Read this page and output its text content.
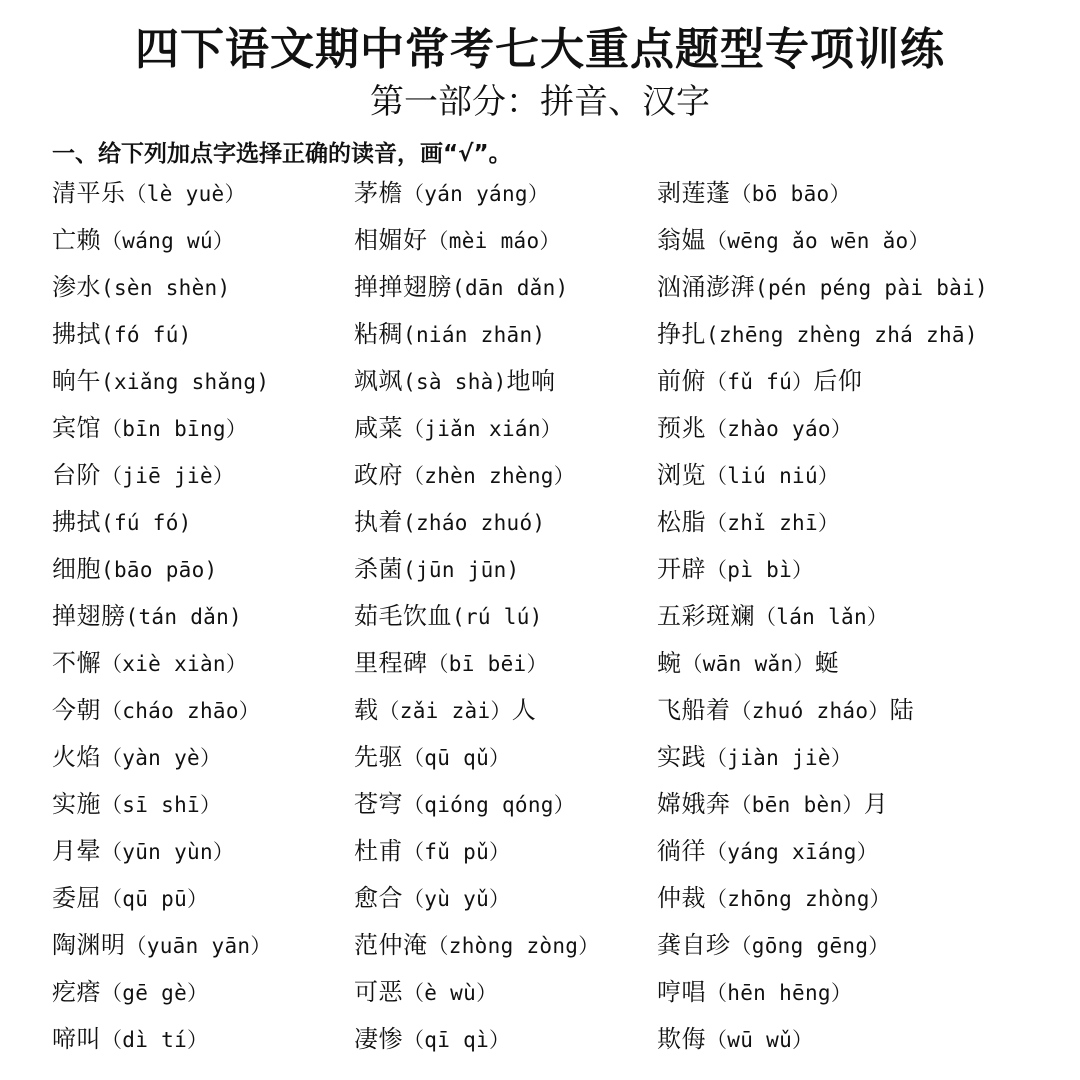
四下语文期中常考七大重点题型专项训练
第一部分：拼音、汉字
一、给下列加点字选择正确的读音，画“√”。
清平乐（lè yuè）	茅檐（yán yáng）	剥莲蓬（bō bāo）
亡赖（wáng wú）	相媚好（mèi máo）	翁媪（wēng ǎo wēn ǎo）
渗水(sèn shèn)	掸掸翅膀(dān dǎn)	汹涌澎湃(pén péng pài bài)
拂拭(fó fú)	粘稠(nián zhān)	挣扎(zhēng zhèng zhá zhā)
晌午(xiǎng shǎng)	飒飒(sà shà)地响	前俯（fǔ fú）后仰
宾馆（bīn bīng）	咸菜（jiǎn xián）	预兆（zhào yáo）
台阶（jiē jiè）	政府（zhèn zhèng）	浏览（liú niú）
拂拭(fú fó)	执着(zháo zhuó)	松脂（zhǐ zhī）
细胞(bāo pāo)	杀菌(jūn jūn)	开辟（pì bì）
掸翅膀(tán dǎn)	茹毛饮血(rú lú)	五彩斑斓（lán lǎn）
不懈（xiè xiàn）	里程碑（bī bēi）	蜿（wān wǎn）蜒
今朝（cháo zhāo）	载（zǎi zài）人	飞船着（zhuó zháo）陆
火焰（yàn yè）	先驱（qū qǔ）	实践（jiàn jiè）
实施（sī shī）	苍穹（qióng qóng）	嫦娥奔（bēn bèn）月
月晕（yūn yùn）	杜甫（fǔ pǔ）	徜徉（yáng xīáng）
委屈（qū pū）	愈合（yù yǔ）	仲裁（zhōng zhòng）
陶渊明（yuān yān）	范仲淹（zhòng zòng）	龚自珍（gōng gēng）
疙瘩（gē gè）	可恶（è wù）	哼唱（hēn hēng）
啼叫（dì tí）	凄惨（qī qì）	欺侮（wū wǔ）
